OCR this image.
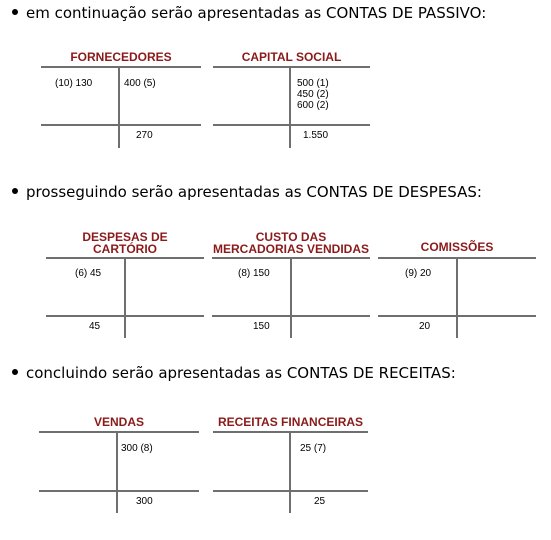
em continuação serão apresentadas as CONTAS DE PASSIVO:
FORNECEDORES
(10) 130	400 (5)
270
CAPITAL SOCIAL
500 (1)
450 (2)
600 (2)
1.550
prosseguindo serão apresentadas as CONTAS DE DESPESAS:
DESPESAS DE
CARTÓRIO
(6) 45
45
CUSTO DAS
MERCADORIAS VENDIDAS
(8) 150
150
COMISSÕES
(9) 20
20
concluindo serão apresentadas as CONTAS DE RECEITAS:
VENDAS
300 (8)
300
RECEITAS FINANCEIRAS
25 (7)
25
